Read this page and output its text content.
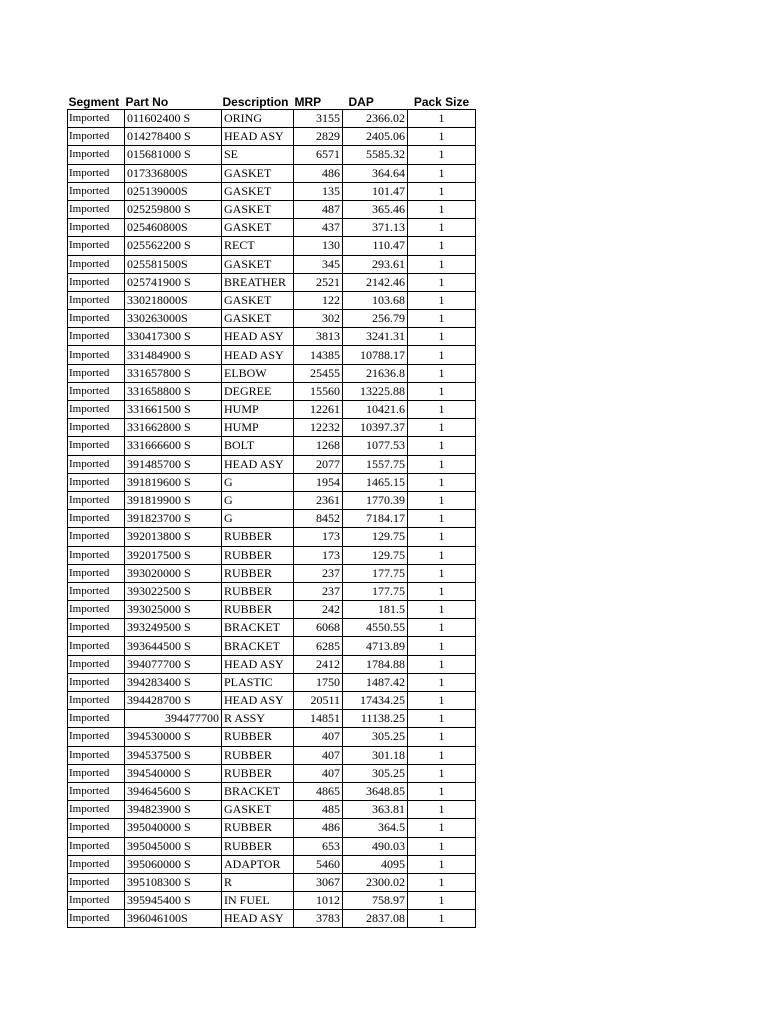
Segment	Part No	Description	MRP	DAP	Pack Size
Imported	011602400 S	ORING	3155	2366.02	1
Imported	014278400 S	HEAD ASY	2829	2405.06	1
Imported	015681000 S	SE	6571	5585.32	1
Imported	017336800S	GASKET	486	364.64	1
Imported	025139000S	GASKET	135	101.47	1
Imported	025259800 S	GASKET	487	365.46	1
Imported	025460800S	GASKET	437	371.13	1
Imported	025562200 S	RECT	130	110.47	1
Imported	025581500S	GASKET	345	293.61	1
Imported	025741900 S	BREATHER	2521	2142.46	1
Imported	330218000S	GASKET	122	103.68	1
Imported	330263000S	GASKET	302	256.79	1
Imported	330417300 S	HEAD ASY	3813	3241.31	1
Imported	331484900 S	HEAD ASY	14385	10788.17	1
Imported	331657800 S	ELBOW	25455	21636.8	1
Imported	331658800 S	DEGREE	15560	13225.88	1
Imported	331661500 S	HUMP	12261	10421.6	1
Imported	331662800 S	HUMP	12232	10397.37	1
Imported	331666600 S	BOLT	1268	1077.53	1
Imported	391485700 S	HEAD ASY	2077	1557.75	1
Imported	391819600 S	G	1954	1465.15	1
Imported	391819900 S	G	2361	1770.39	1
Imported	391823700 S	G	8452	7184.17	1
Imported	392013800 S	RUBBER	173	129.75	1
Imported	392017500 S	RUBBER	173	129.75	1
Imported	393020000 S	RUBBER	237	177.75	1
Imported	393022500 S	RUBBER	237	177.75	1
Imported	393025000 S	RUBBER	242	181.5	1
Imported	393249500 S	BRACKET	6068	4550.55	1
Imported	393644500 S	BRACKET	6285	4713.89	1
Imported	394077700 S	HEAD ASY	2412	1784.88	1
Imported	394283400 S	PLASTIC	1750	1487.42	1
Imported	394428700 S	HEAD ASY	20511	17434.25	1
Imported	394477700	R ASSY	14851	11138.25	1
Imported	394530000 S	RUBBER	407	305.25	1
Imported	394537500 S	RUBBER	407	301.18	1
Imported	394540000 S	RUBBER	407	305.25	1
Imported	394645600 S	BRACKET	4865	3648.85	1
Imported	394823900 S	GASKET	485	363.81	1
Imported	395040000 S	RUBBER	486	364.5	1
Imported	395045000 S	RUBBER	653	490.03	1
Imported	395060000 S	ADAPTOR	5460	4095	1
Imported	395108300 S	R	3067	2300.02	1
Imported	395945400 S	IN FUEL	1012	758.97	1
Imported	396046100S	HEAD ASY	3783	2837.08	1
